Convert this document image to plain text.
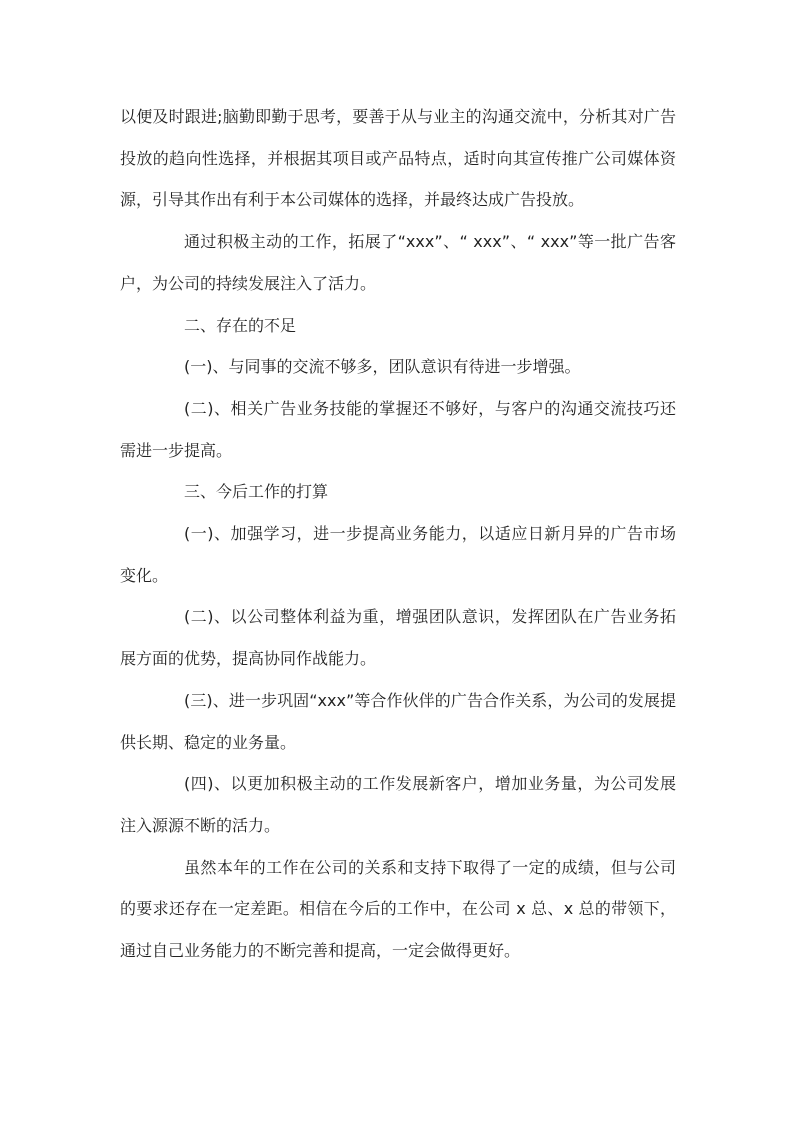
以便及时跟进;脑勤即勤于思考，要善于从与业主的沟通交流中，分析其对广告投放的趋向性选择，并根据其项目或产品特点，适时向其宣传推广公司媒体资源，引导其作出有利于本公司媒体的选择，并最终达成广告投放。

通过积极主动的工作，拓展了“xxx”、“ xxx”、“ xxx”等一批广告客户，为公司的持续发展注入了活力。

二、存在的不足

(一)、与同事的交流不够多，团队意识有待进一步增强。

(二)、相关广告业务技能的掌握还不够好，与客户的沟通交流技巧还需进一步提高。

三、今后工作的打算

(一)、加强学习，进一步提高业务能力，以适应日新月异的广告市场变化。

(二)、以公司整体利益为重，增强团队意识，发挥团队在广告业务拓展方面的优势，提高协同作战能力。

(三)、进一步巩固“xxx”等合作伙伴的广告合作关系，为公司的发展提供长期、稳定的业务量。

(四)、以更加积极主动的工作发展新客户，增加业务量，为公司发展注入源源不断的活力。

虽然本年的工作在公司的关系和支持下取得了一定的成绩，但与公司的要求还存在一定差距。相信在今后的工作中，在公司 x 总、x 总的带领下，通过自己业务能力的不断完善和提高，一定会做得更好。
